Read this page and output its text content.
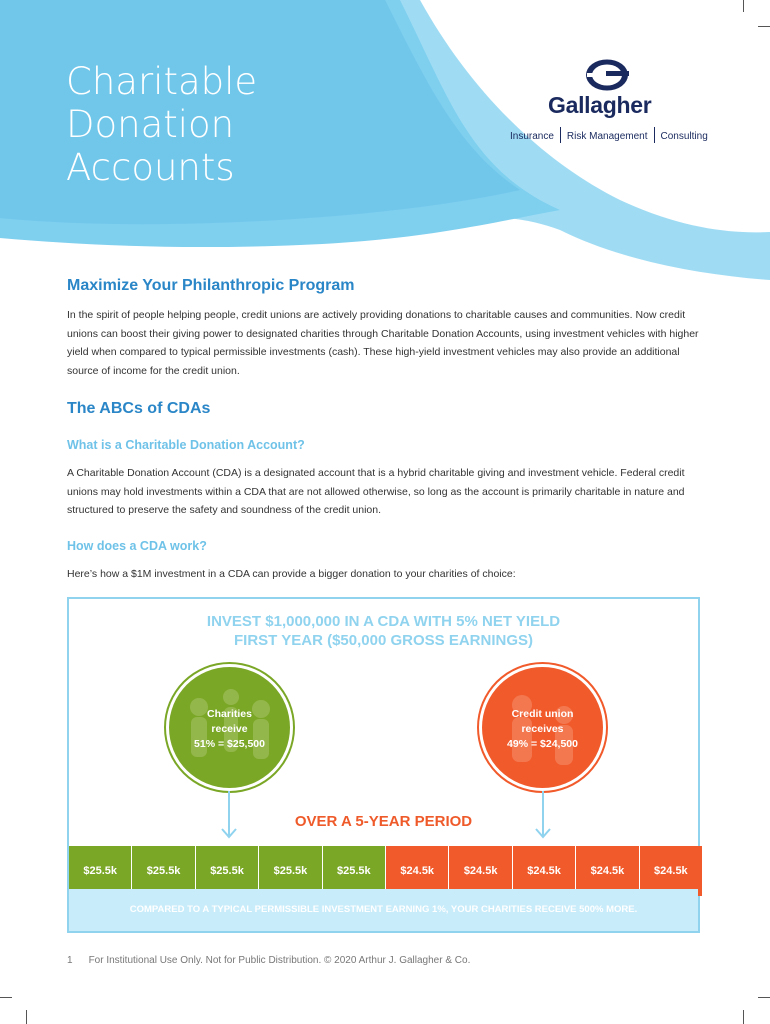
Charitable
Donation
Accounts
Gallagher
Insurance Risk Management Consulting
Maximize Your Philanthropic Program

In the spirit of people helping people, credit unions are actively providing donations to charitable causes and communities. Now credit unions can boost their giving power to designated charities through Charitable Donation Accounts, using investment vehicles with higher yield when compared to typical permissible investments (cash). These high-yield investment vehicles may also provide an additional source of income for the credit union.

The ABCs of CDAs
What is a Charitable Donation Account?

A Charitable Donation Account (CDA) is a designated account that is a hybrid charitable giving and investment vehicle. Federal credit unions may hold investments within a CDA that are not allowed otherwise, so long as the account is primarily charitable in nature and structured to preserve the safety and soundness of the credit union.

How does a CDA work?

Here’s how a $1M investment in a CDA can provide a bigger donation to your charities of choice:

INVEST $1,000,000 IN A CDA WITH 5% NET YIELD
FIRST YEAR ($50,000 GROSS EARNINGS)
Charities
receive
51% = $25,500
Credit union
receives
49% = $24,500
OVER A 5-YEAR PERIOD
$25.5k	$25.5k	$25.5k	$25.5k	$25.5k	$24.5k	$24.5k	$24.5k	$24.5k	$24.5k
COMPARED TO A TYPICAL PERMISSIBLE INVESTMENT EARNING 1%, YOUR CHARITIES RECEIVE 500% MORE.
1 For Institutional Use Only. Not for Public Distribution. © 2020 Arthur J. Gallagher & Co.
